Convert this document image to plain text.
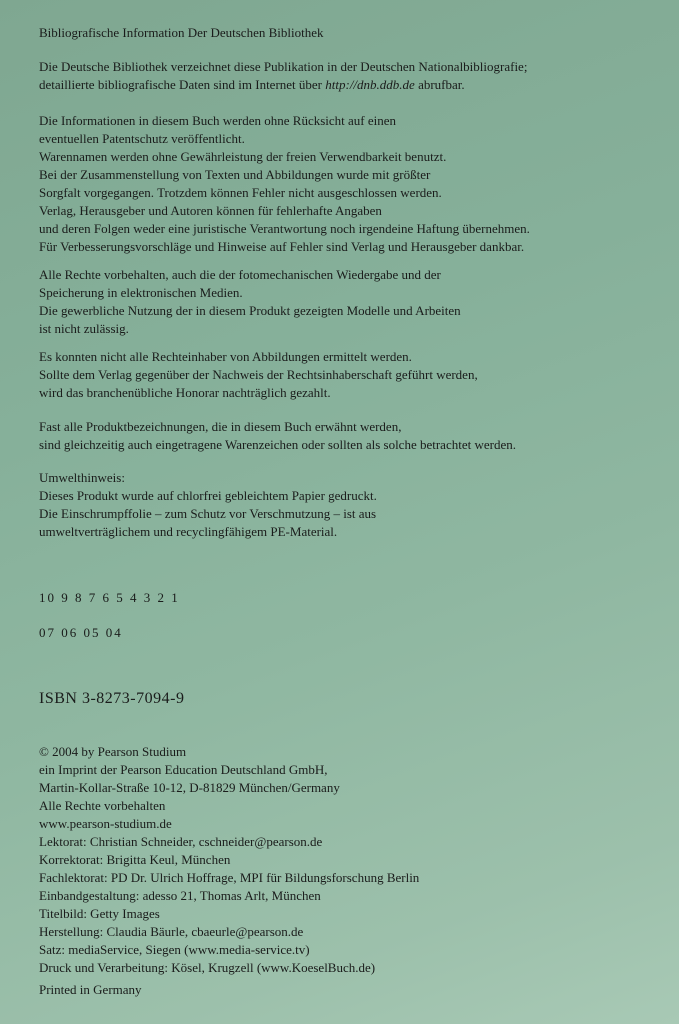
Bibliografische Information Der Deutschen Bibliothek
Die Deutsche Bibliothek verzeichnet diese Publikation in der Deutschen Nationalbibliografie;
detaillierte bibliografische Daten sind im Internet über http://dnb.ddb.de abrufbar.
Die Informationen in diesem Buch werden ohne Rücksicht auf einen
eventuellen Patentschutz veröffentlicht.
Warennamen werden ohne Gewährleistung der freien Verwendbarkeit benutzt.
Bei der Zusammenstellung von Texten und Abbildungen wurde mit größter
Sorgfalt vorgegangen. Trotzdem können Fehler nicht ausgeschlossen werden.
Verlag, Herausgeber und Autoren können für fehlerhafte Angaben
und deren Folgen weder eine juristische Verantwortung noch irgendeine Haftung übernehmen.
Für Verbesserungsvorschläge und Hinweise auf Fehler sind Verlag und Herausgeber dankbar.
Alle Rechte vorbehalten, auch die der fotomechanischen Wiedergabe und der
Speicherung in elektronischen Medien.
Die gewerbliche Nutzung der in diesem Produkt gezeigten Modelle und Arbeiten
ist nicht zulässig.
Es konnten nicht alle Rechteinhaber von Abbildungen ermittelt werden.
Sollte dem Verlag gegenüber der Nachweis der Rechtsinhaberschaft geführt werden,
wird das branchenübliche Honorar nachträglich gezahlt.
Fast alle Produktbezeichnungen, die in diesem Buch erwähnt werden,
sind gleichzeitig auch eingetragene Warenzeichen oder sollten als solche betrachtet werden.
Umwelthinweis:
Dieses Produkt wurde auf chlorfrei gebleichtem Papier gedruckt.
Die Einschrumpffolie – zum Schutz vor Verschmutzung – ist aus
umweltverträglichem und recyclingfähigem PE-Material.
10 9 8 7 6 5 4 3 2 1
07 06 05 04
ISBN 3-8273-7094-9
© 2004 by Pearson Studium
ein Imprint der Pearson Education Deutschland GmbH,
Martin-Kollar-Straße 10-12, D-81829 München/Germany
Alle Rechte vorbehalten
www.pearson-studium.de
Lektorat: Christian Schneider, cschneider@pearson.de
Korrektorat: Brigitta Keul, München
Fachlektorat: PD Dr. Ulrich Hoffrage, MPI für Bildungsforschung Berlin
Einbandgestaltung: adesso 21, Thomas Arlt, München
Titelbild: Getty Images
Herstellung: Claudia Bäurle, cbaeurle@pearson.de
Satz: mediaService, Siegen (www.media-service.tv)
Druck und Verarbeitung: Kösel, Krugzell (www.KoeselBuch.de)
Printed in Germany
